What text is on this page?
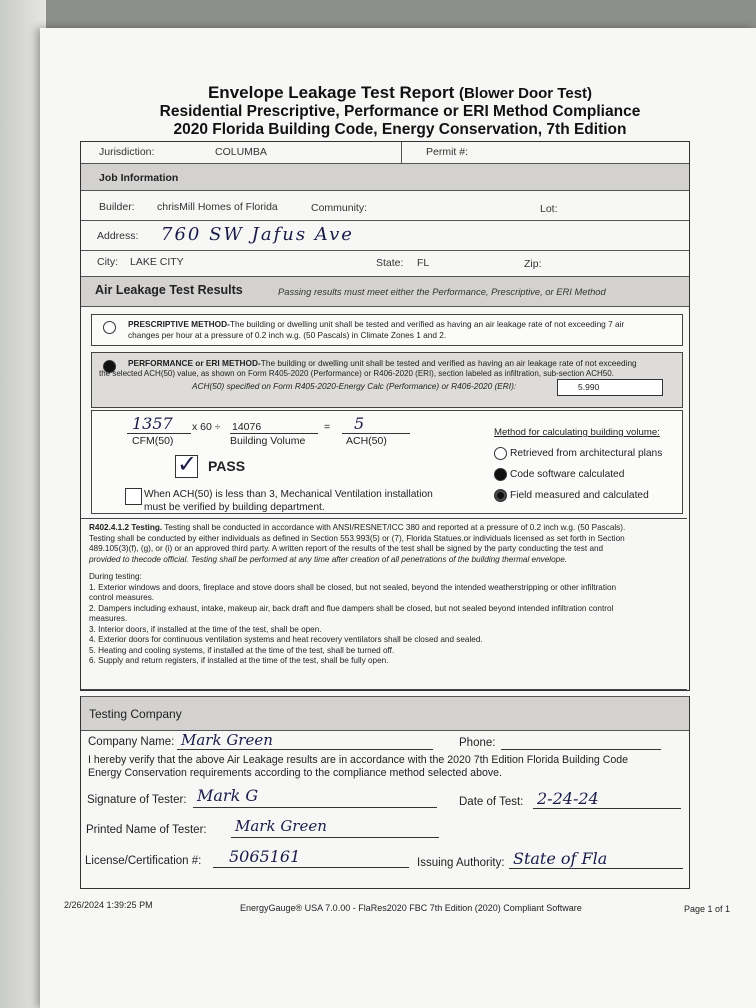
Envelope Leakage Test Report (Blower Door Test)
Residential Prescriptive, Performance or ERI Method Compliance
2020 Florida Building Code, Energy Conservation, 7th Edition
Jurisdiction:	COLUMBA	Permit #:
Job Information
Builder: chrisMill Homes of Florida	Community:	Lot:
Address: 760 SW Jafus Ave
City: LAKE CITY	State: FL	Zip:
Air Leakage Test Results	Passing results must meet either the Performance, Prescriptive, or ERI Method
PRESCRIPTIVE METHOD-The building or dwelling unit shall be tested and verified as having an air leakage rate of not exceeding 7 air
changes per hour at a pressure of 0.2 inch w.g. (50 Pascals) in Climate Zones 1 and 2.
PERFORMANCE or ERI METHOD-The building or dwelling unit shall be tested and verified as having an air leakage rate of not exceeding
the selected ACH(50) value, as shown on Form R405-2020 (Performance) or R406-2020 (ERI), section labeled as infiltration, sub-section ACH50.
ACH(50) specified on Form R405-2020-Energy Calc (Performance) or R406-2020 (ERI):	5.990
1357 x 60 ÷ 14076	= 5
CFM(50)	Building Volume	ACH(50)
✓ PASS
When ACH(50) is less than 3, Mechanical Ventilation installation
must be verified by building department.
Method for calculating building volume:
Retrieved from architectural plans
Code software calculated
Field measured and calculated
R402.4.1.2 Testing. Testing shall be conducted in accordance with ANSI/RESNET/ICC 380 and reported at a pressure of 0.2 inch w.g. (50 Pascals).
Testing shall be conducted by either individuals as defined in Section 553.993(5) or (7), Florida Statues.or individuals licensed as set forth in Section
489.105(3)(f), (g), or (i) or an approved third party. A written report of the results of the test shall be signed by the party conducting the test and
provided to thecode official. Testing shall be performed at any time after creation of all penetrations of the building thermal envelope.
During testing:
1. Exterior windows and doors, fireplace and stove doors shall be closed, but not sealed, beyond the intended weatherstripping or other infiltration
control measures.
2. Dampers including exhaust, intake, makeup air, back draft and flue dampers shall be closed, but not sealed beyond intended infiltration control
measures.
3. Interior doors, if installed at the time of the test, shall be open.
4. Exterior doors for continuous ventilation systems and heat recovery ventilators shall be closed and sealed.
5. Heating and cooling systems, if installed at the time of the test, shall be turned off.
6. Supply and return registers, if installed at the time of the test, shall be fully open.
Testing Company
Company Name: Mark Green	Phone:
I hereby verify that the above Air Leakage results are in accordance with the 2020 7th Edition Florida Building Code
Energy Conservation requirements according to the compliance method selected above.
Signature of Tester: Mark G	Date of Test: 2-24-24
Printed Name of Tester: Mark Green
License/Certification #: 5065161	Issuing Authority: State of Fla
2/26/2024 1:39:25 PM	EnergyGauge® USA 7.0.00 - FlaRes2020 FBC 7th Edition (2020) Compliant Software	Page 1 of 1
